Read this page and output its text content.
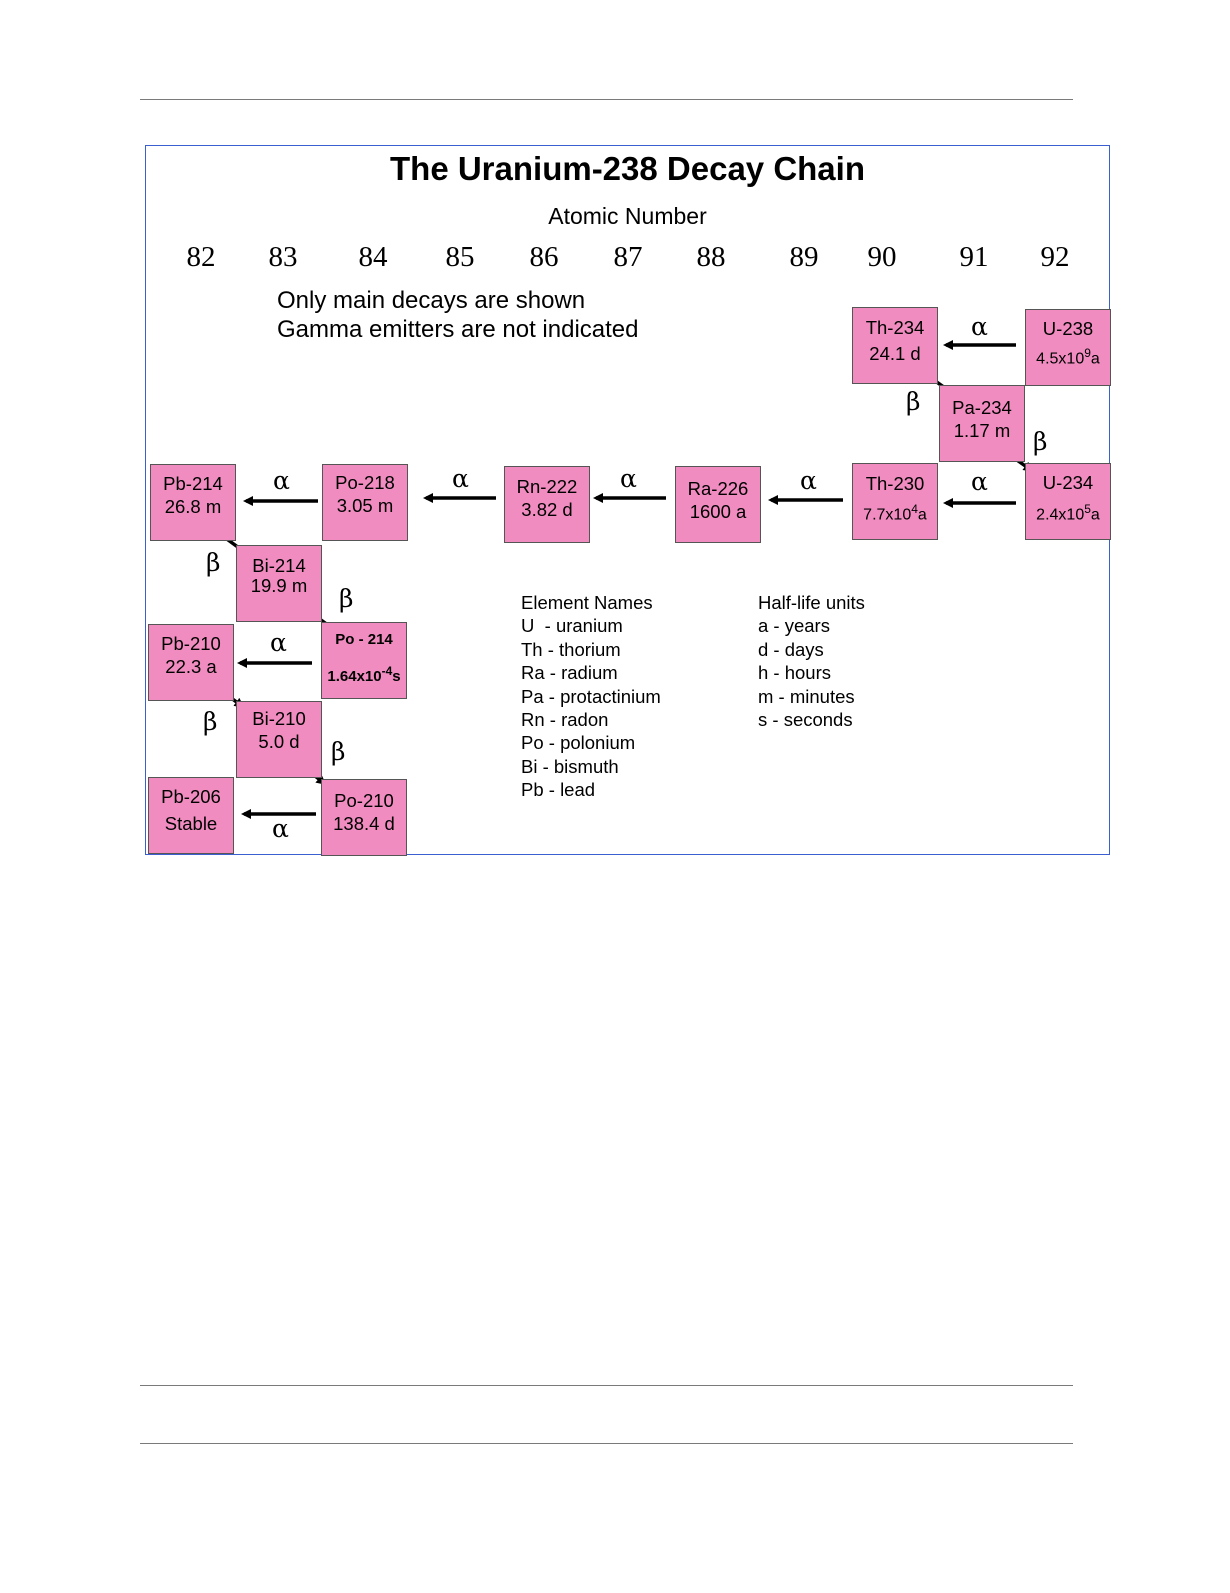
The Uranium-238 Decay Chain
Atomic Number
82	83	84	85	86	87	88	89	90	91	92
Only main decays are shown
Gamma emitters are not indicated	U-238
$4.5x10^9a$
Th-234
24.1 d
Pa-234
1.17 m
U-234
$2.4x10^5a$
Th-230
$7.7x10^4a$
Ra-226
1600 a
Rn-222
3.82 d
Po-218
3.05 m
Pb-214
26.8 m
Bi-214
19.9 m
Po - 214
$1.64x10^{-4}s$
Pb-210
22.3 a
Bi-210
5.0 d
Po-210
138.4 d
Pb-206
Stable
α
β
β
α
α
α
α
α
β
β
α
β
β
α
Element Names
U  - uranium
Th - thorium
Ra - radium
Pa - protactinium
Rn - radon
Po - polonium
Bi - bismuth
Pb - lead
Half-life units
a - years
d - days
h - hours
m - minutes
s - seconds
